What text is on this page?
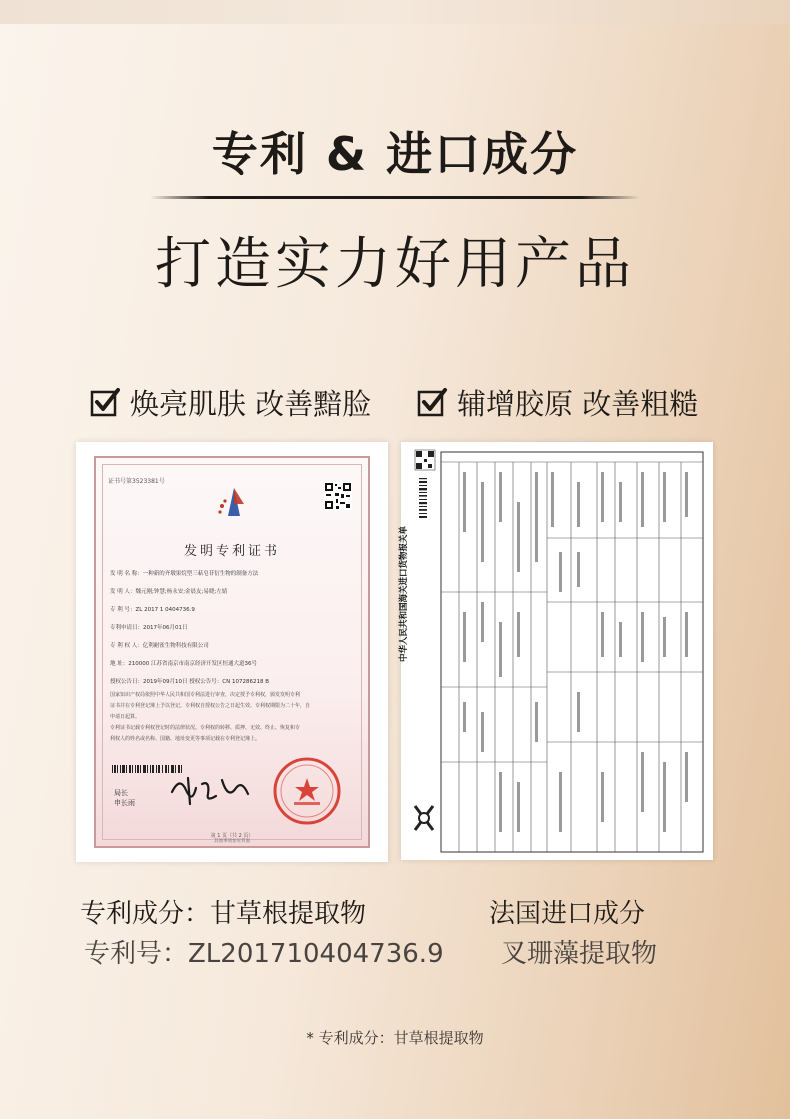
专利 & 进口成分
打造实力好用产品
焕亮肌肤 改善黯脸	辅增胶原 改善粗糙
证书号第3523381号
发明专利证书
发 明 名 称：一种新的齐墩果烷型三萜皂苷衍生物的制备方法
发 明 人：魏元刚;钟慧;杨永安;金晨友;易晓;左婧
专 利 号：ZL 2017 1 0404736.9
专利申请日：2017年06月01日
专 利 权 人：亿利耐雀生物科技有限公司
地 址：210000 江苏省南京市南京经济开发区恒通大道36号
授权公告日：2019年09月10日 授权公告号：CN 107286218 B
国家知识产权局依照中华人民共和国专利法进行审查，决定授予专利权，颁发发明专利
证书并在专利登记簿上予以登记。专利权自授权公告之日起生效。专利权期限为二十年，自
申请日起算。
专利证书记载专利权登记时的法律状况。专利权的转移、质押、无效、终止、恢复和专
利权人的姓名或名称、国籍、地址变更等事项记载在专利登记簿上。
局长
申长雨
第 1 页（共 2 页）
其他事项参见背面
中华人民共和国海关进口货物报关单
专利成分：甘草根提取物
专利号：ZL201710404736.9
法国进口成分
叉珊藻提取物
* 专利成分：甘草根提取物
